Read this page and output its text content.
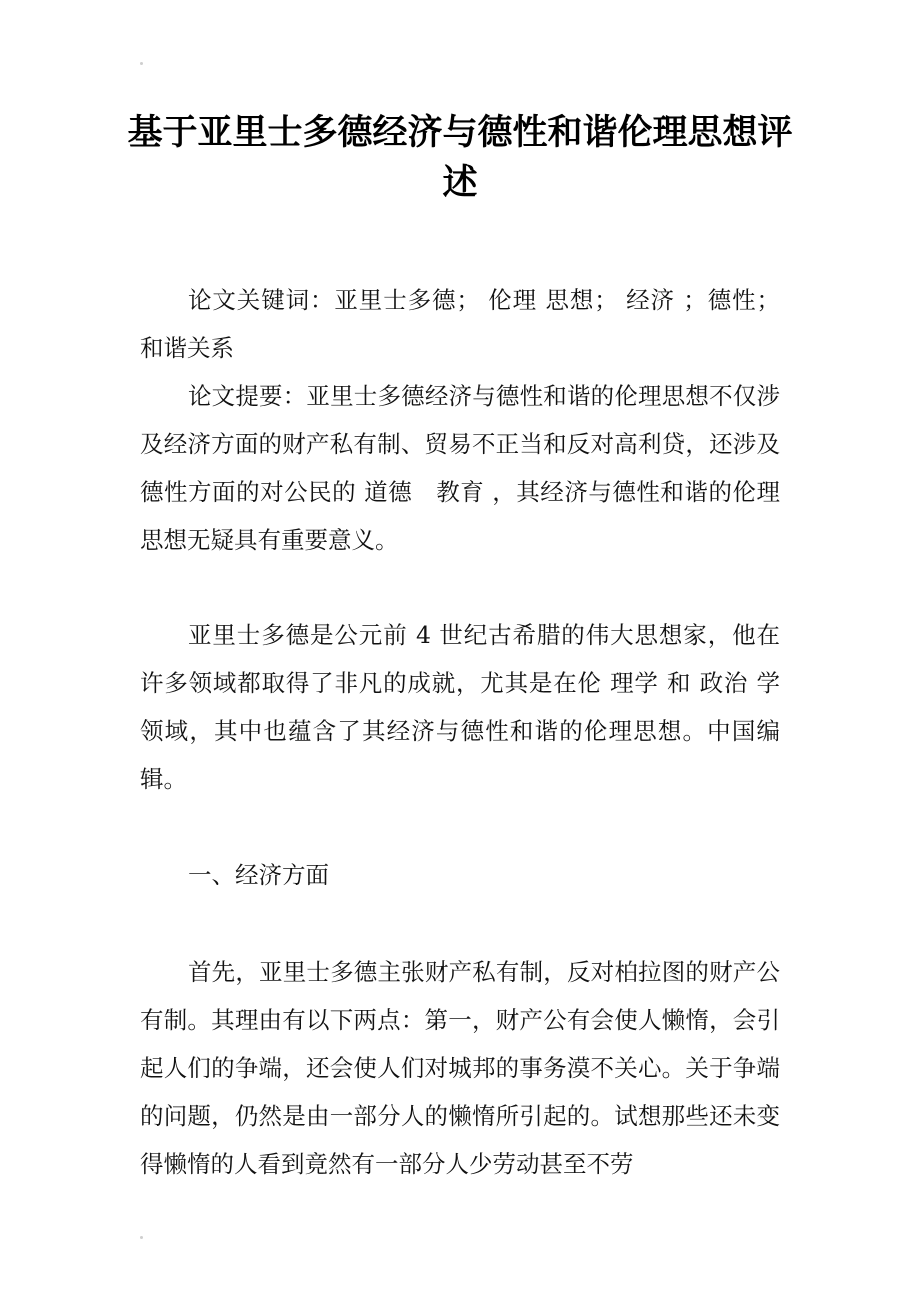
基于亚里士多德经济与德性和谐伦理思想评述

论文关键词：亚里士多德； 伦理 思想； 经济 ；德性；和谐关系

论文提要：亚里士多德经济与德性和谐的伦理思想不仅涉及经济方面的财产私有制、贸易不正当和反对高利贷，还涉及德性方面的对公民的 道德　教育 ，其经济与德性和谐的伦理思想无疑具有重要意义。

亚里士多德是公元前 4 世纪古希腊的伟大思想家，他在许多领域都取得了非凡的成就，尤其是在伦 理学 和 政治 学 领域，其中也蕴含了其经济与德性和谐的伦理思想。中国编辑。

一、经济方面

首先，亚里士多德主张财产私有制，反对柏拉图的财产公有制。其理由有以下两点：第一，财产公有会使人懒惰，会引起人们的争端，还会使人们对城邦的事务漠不关心。关于争端的问题，仍然是由一部分人的懒惰所引起的。试想那些还未变得懒惰的人看到竟然有一部分人少劳动甚至不劳
